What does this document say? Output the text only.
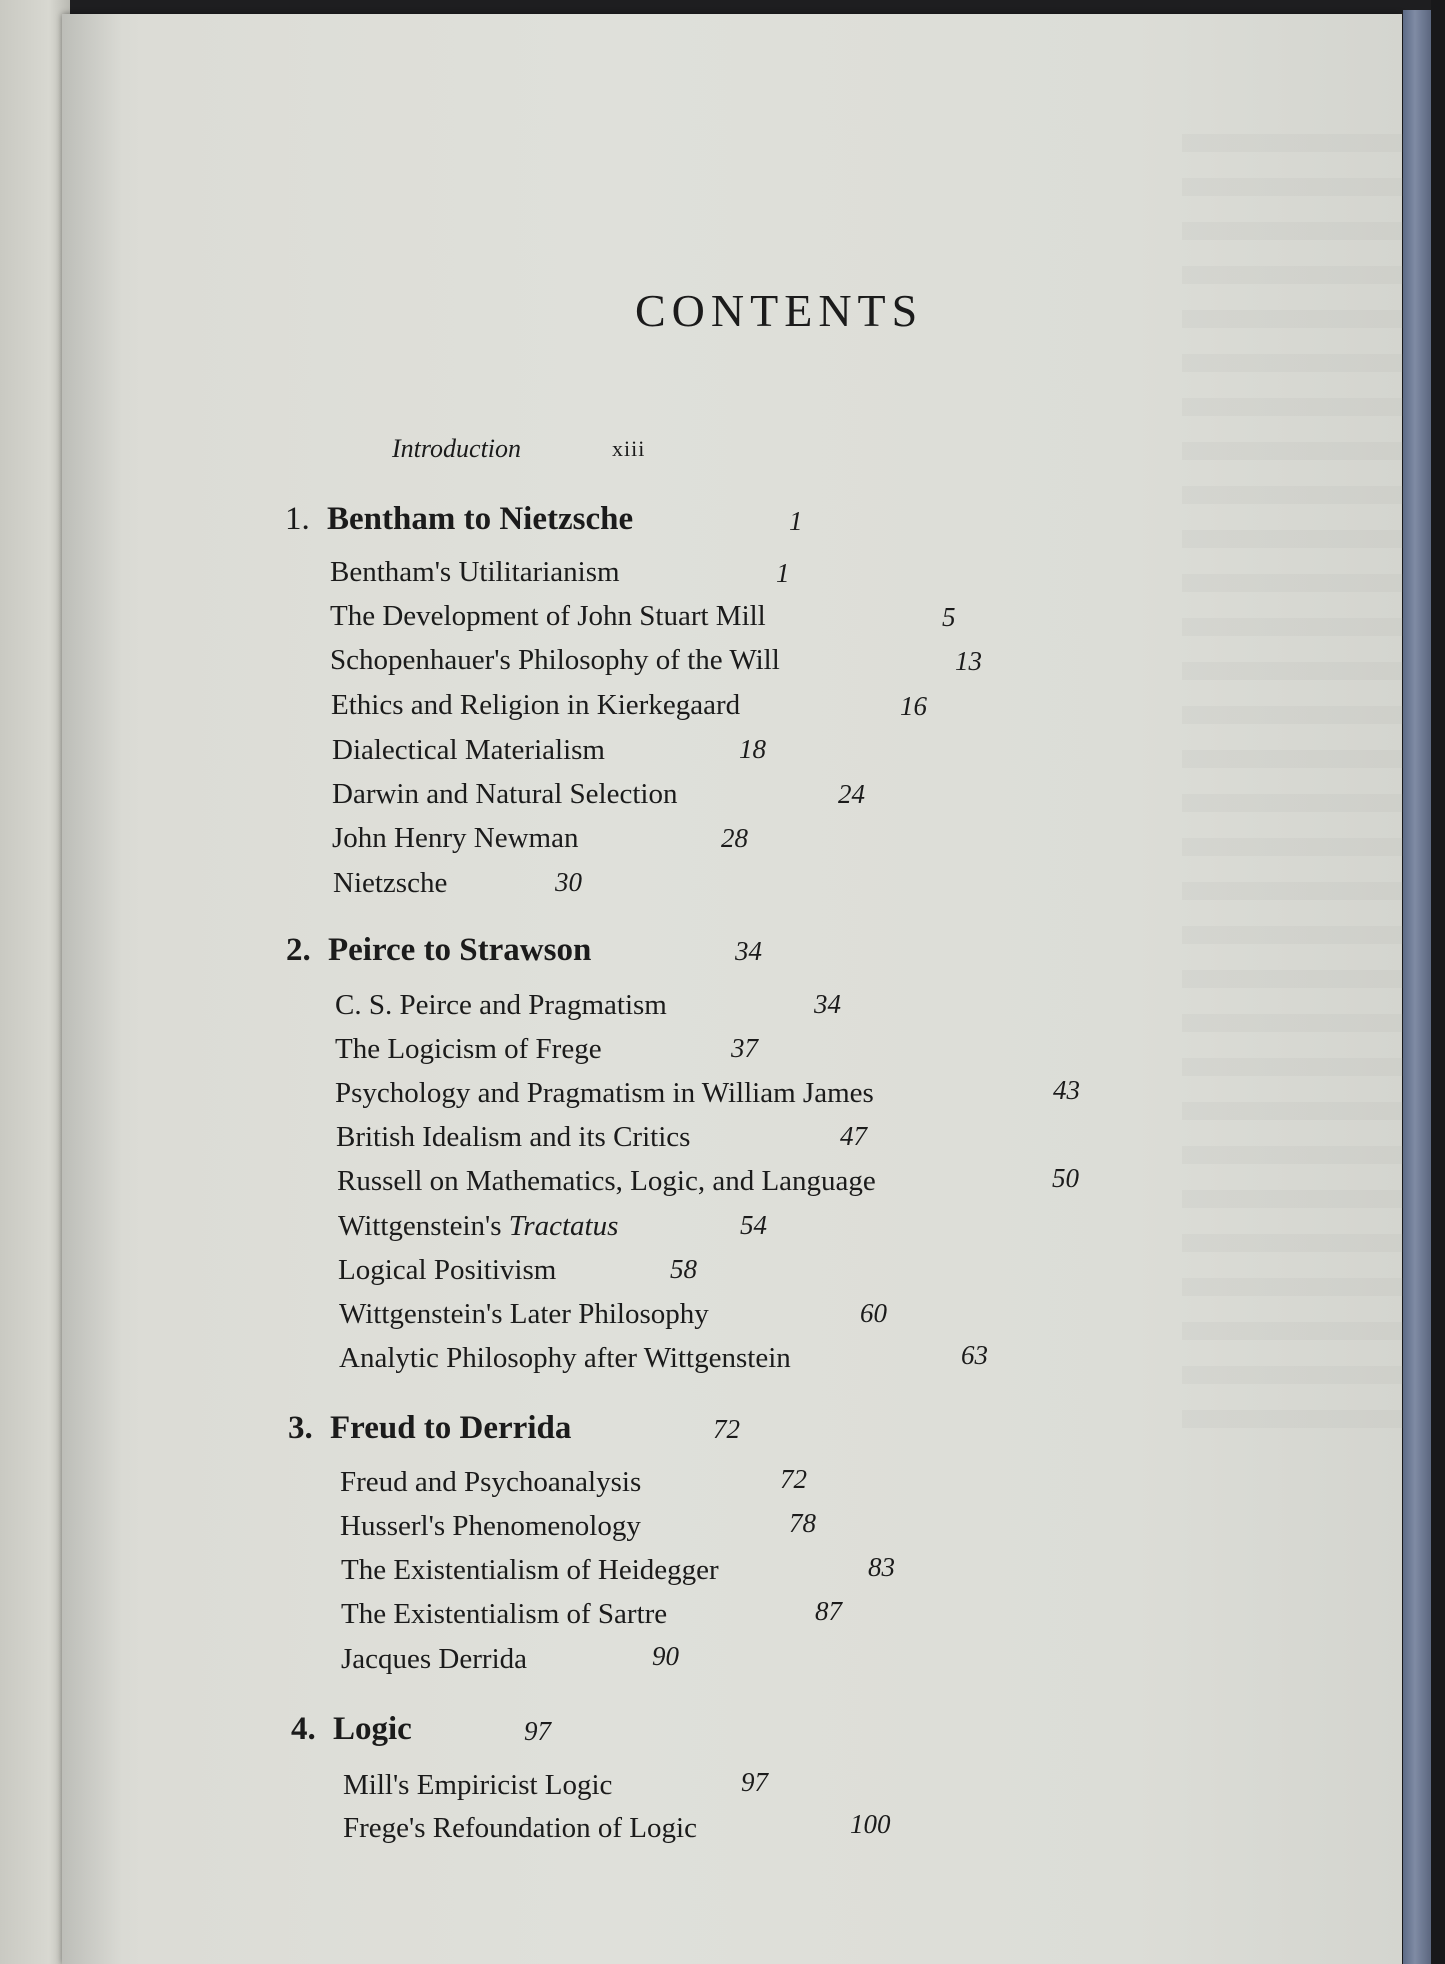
CONTENTS
Introduction	xiii
1. Bentham to Nietzsche	1
Bentham's Utilitarianism	1
The Development of John Stuart Mill	5
Schopenhauer's Philosophy of the Will	13
Ethics and Religion in Kierkegaard	16
Dialectical Materialism	18
Darwin and Natural Selection	24
John Henry Newman	28
Nietzsche	30
2. Peirce to Strawson	34
C. S. Peirce and Pragmatism	34
The Logicism of Frege	37
Psychology and Pragmatism in William James	43
British Idealism and its Critics	47
Russell on Mathematics, Logic, and Language	50
Wittgenstein's Tractatus	54
Logical Positivism	58
Wittgenstein's Later Philosophy	60
Analytic Philosophy after Wittgenstein	63
3. Freud to Derrida	72
Freud and Psychoanalysis	72
Husserl's Phenomenology	78
The Existentialism of Heidegger	83
The Existentialism of Sartre	87
Jacques Derrida	90
4. Logic	97
Mill's Empiricist Logic	97
Frege's Refoundation of Logic	100
